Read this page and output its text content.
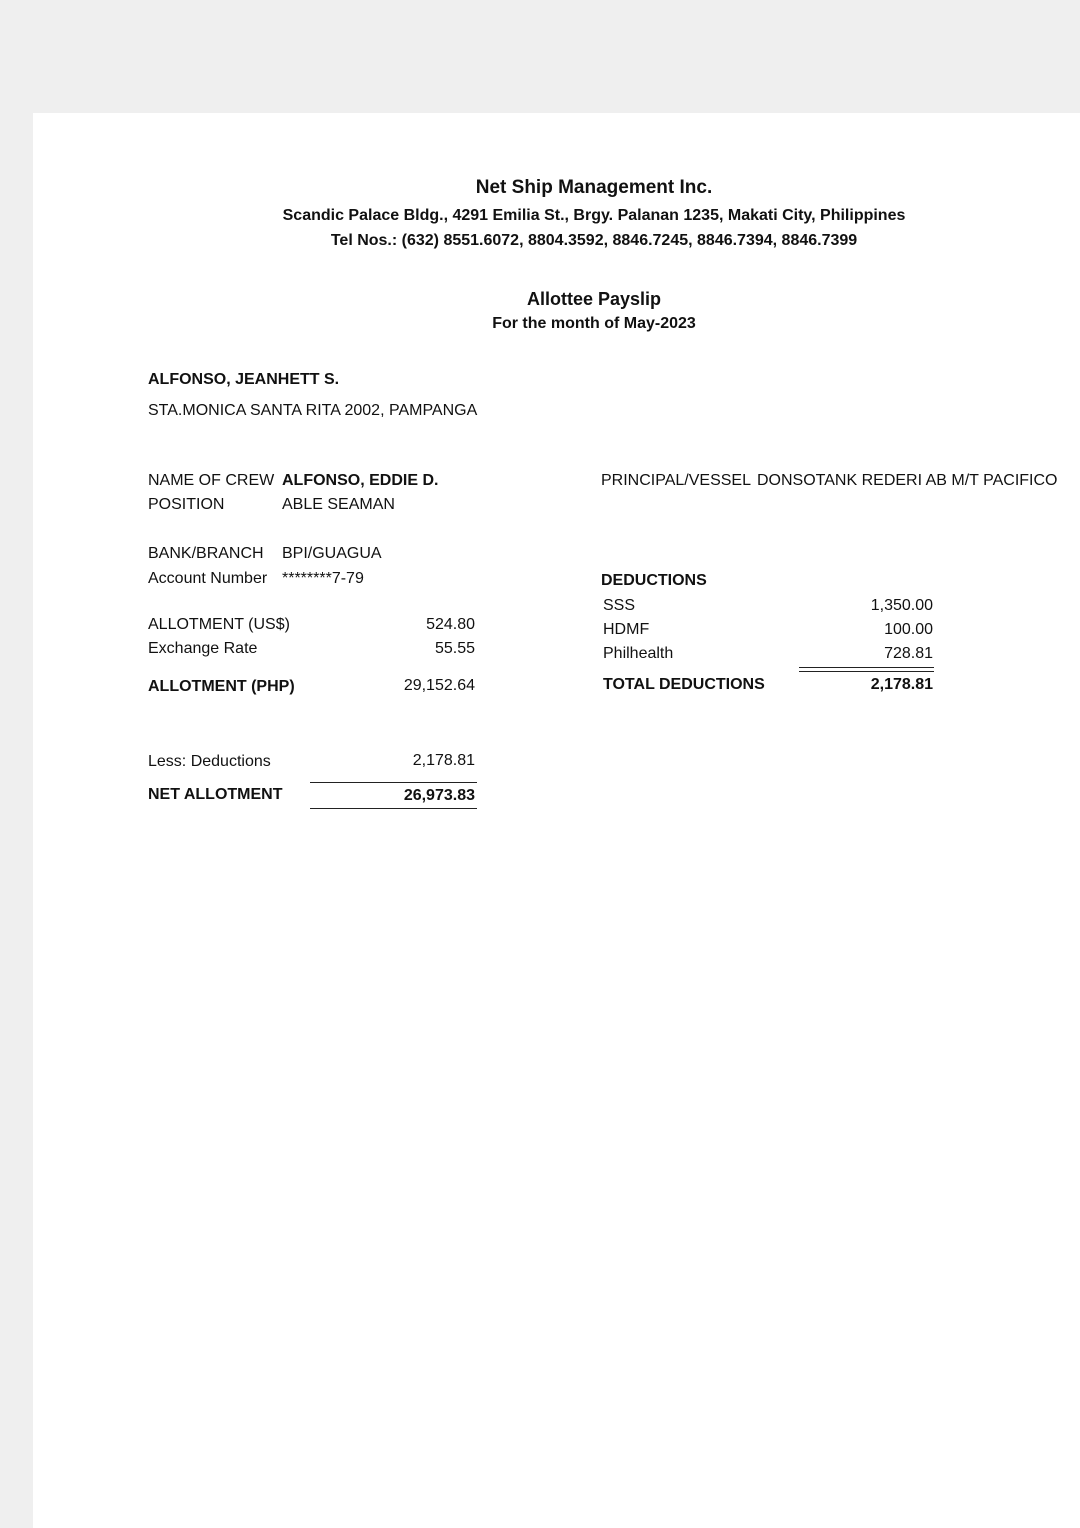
Net Ship Management Inc.
Scandic Palace Bldg., 4291 Emilia St., Brgy. Palanan 1235, Makati City, Philippines
Tel Nos.: (632) 8551.6072, 8804.3592, 8846.7245, 8846.7394, 8846.7399
Allottee Payslip
For the month of May-2023
ALFONSO, JEANHETT S.
STA.MONICA SANTA RITA 2002, PAMPANGA
NAME OF CREW ALFONSO, EDDIE D.
POSITION	ABLE SEAMAN
PRINCIPAL/VESSEL DONSOTANK REDERI AB M/T PACIFICO
BANK/BRANCH BPI/GUAGUA
Account Number ********7-79
ALLOTMENT (US$)	524.80
Exchange Rate	55.55
ALLOTMENT (PHP)	29,152.64
Less: Deductions	2,178.81
NET ALLOTMENT	26,973.83
DEDUCTIONS
SSS	1,350.00
HDMF	100.00
Philhealth	728.81
TOTAL DEDUCTIONS	2,178.81
